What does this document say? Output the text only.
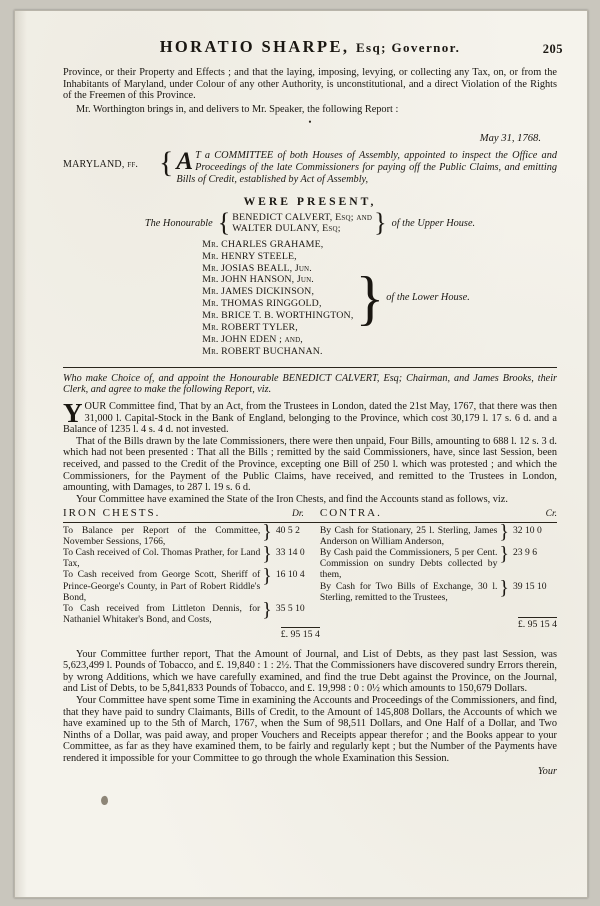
HORATIO SHARPE, Esq; Governor.	205
Province, or their Property and Effects ; and that the laying, imposing, levying, or collecting any Tax, on, or from the Inhabitants of Maryland, under Colour of any other Authority, is unconstitutional, and a direct Violation of the Rights of the Freemen of this Province.
Mr. Worthington brings in, and delivers to Mr. Speaker, the following Report :
•
May 31, 1768.
MARYLAND, ff. { A T a COMMITTEE of both Houses of Assembly, appointed to inspect the Office and Proceedings of the late Commissioners for paying off the Public Claims, and emitting Bills of Credit, established by Act of Assembly,
WERE PRESENT,
The Honourable { BENEDICT CALVERT, Esq; and
WALTER DULANY, Esq;	} of the Upper House.
Mr. CHARLES GRAHAME,
Mr. HENRY STEELE,
Mr. JOSIAS BEALL, Jun.
Mr. JOHN HANSON, Jun.
Mr. JAMES DICKINSON,
Mr. THOMAS RINGGOLD,
Mr. BRICE T. B. WORTHINGTON,
Mr. ROBERT TYLER,
Mr. JOHN EDEN ; and,
Mr. ROBERT BUCHANAN.
} of the Lower House.
Who make Choice of, and appoint the Honourable BENEDICT CALVERT, Esq; Chairman, and James Brooks, their Clerk, and agree to make the following Report, viz.
Y OUR Committee find, That by an Act, from the Trustees in London, dated the 21st May, 1767, that there was then 31,000 l. Capital-Stock in the Bank of England, belonging to the Province, which cost 30,179 l. 17 s. 6 d. and a Balance of 1235 l. 4 s. 4 d. not invested.
That of the Bills drawn by the late Commissioners, there were then unpaid, Four Bills, amounting to 688 l. 12 s. 3 d. which had not been presented : That all the Bills ; remitted by the said Commissioners, have, since last Session, been received, and passed to the Credit of the Province, excepting one Bill of 250 l. which was protested ; and which the Commissioners, for the Payment of the Public Claims, have received, and remitted to the Trustees in London, amounting, with Damages, to 287 l. 19 s. 6 d.
Your Committee have examined the State of the Iron Chests, and find the Accounts stand as follows, viz.
IRON CHESTS. Dr.	CONTRA. Cr.

To Balance per Report of the Committee, November Sessions, 1766,	} 40 5 2
To Cash received of Col. Thomas Prather, for Land Tax,	} 33 14 0
To Cash received from George Scott, Sheriff of Prince-George's County, in Part of Robert Riddle's Bond,
} 16 10 4
To Cash received from Littleton Dennis, for Nathaniel Whitaker's Bond, and Costs,	} 35 5 10
£. 95 15 4

By Cash for Stationary, 25 l. Sterling, James Anderson on William Anderson,	} 32 10 0
By Cash paid the Commissioners, 5 per Cent. Commission on sundry Debts collected by them,
} 23 9 6
By Cash for Two Bills of Exchange, 30 l. Sterling, remitted to the Trustees,	} 39 15 10
£. 95 15 4
Your Committee further report, That the Amount of Journal, and List of Debts, as they past last Session, was 5,623,499 l. Pounds of Tobacco, and £. 19,840 : 1 : 2½. That the Commissioners have discovered sundry Errors therein, by wrong Additions, which we have carefully examined, and find the true Debt against the Province, on the Journal, and List of Debts, to be 5,841,833 Pounds of Tobacco, and £. 19,998 : 0 : 0½ which amounts to 150,679 Dollars.
Your Committee have spent some Time in examining the Accounts and Proceedings of the Commissioners, and find, that they have paid to sundry Claimants, Bills of Credit, to the Amount of 145,808 Dollars, the Accounts of which we have examined up to the 5th of March, 1767, when the Sum of 98,511 Dollars, and One Half of a Dollar, and Two Ninths of a Dollar, was paid away, and proper Vouchers and Receipts appear therefor ; and the Books appear to your Committee, as far as they have examined them, to be fairly and regularly kept ; but the Number of the Payments have rendered it impossible for your Committee to go through the whole Examination this Session.
Your
